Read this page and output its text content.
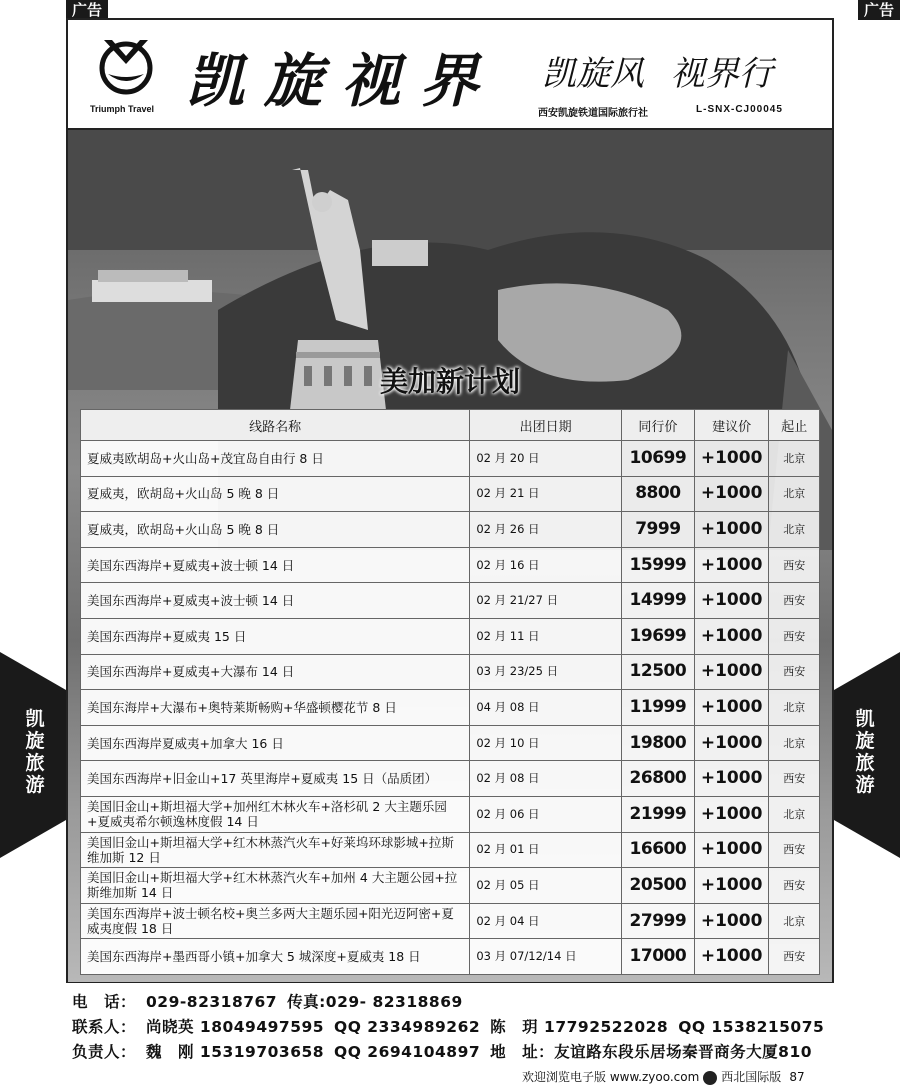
广告	广告
Triumph Travel 凯旋视界 凯旋风 视界行
西安凯旋铁道国际旅行社	L-SNX-CJ00045
美加新计划
线路名称	出团日期	同行价	建议价	起止
夏威夷欧胡岛+火山岛+茂宜岛自由行 8 日	02 月 20 日	10699	+1000	北京
夏威夷，欧胡岛+火山岛 5 晚 8 日	02 月 21 日	8800	+1000	北京
夏威夷，欧胡岛+火山岛 5 晚 8 日	02 月 26 日	7999	+1000	北京
美国东西海岸+夏威夷+波士顿 14 日	02 月 16 日	15999	+1000	西安
美国东西海岸+夏威夷+波士顿 14 日	02 月 21/27 日	14999	+1000	西安
美国东西海岸+夏威夷 15 日	02 月 11 日	19699	+1000	西安
美国东西海岸+夏威夷+大瀑布 14 日	03 月 23/25 日	12500	+1000	西安
美国东海岸+大瀑布+奥特莱斯畅购+华盛顿樱花节 8 日	04 月 08 日	11999	+1000	北京
美国东西海岸夏威夷+加拿大 16 日	02 月 10 日	19800	+1000	北京
美国东西海岸+旧金山+17 英里海岸+夏威夷 15 日（品质团）	02 月 08 日	26800	+1000	西安
美国旧金山+斯坦福大学+加州红木林火车+洛杉矶 2 大主题乐园+夏威夷希尔顿逸林度假 14 日	02 月 06 日	21999	+1000	北京
美国旧金山+斯坦福大学+红木林蒸汽火车+好莱坞环球影城+拉斯维加斯 12 日	02 月 01 日	16600	+1000	西安
美国旧金山+斯坦福大学+红木林蒸汽火车+加州 4 大主题公园+拉斯维加斯 14 日	02 月 05 日	20500	+1000	西安
美国东西海岸+波士顿名校+奥兰多两大主题乐园+阳光迈阿密+夏威夷度假 18 日	02 月 04 日	27999	+1000	北京
美国东西海岸+墨西哥小镇+加拿大 5 城深度+夏威夷 18 日	03 月 07/12/14 日	17000	+1000	西安
凯旋旅游
凯旋旅游
电　话： 029-82318767 传真:029- 82318869
联系人： 尚晓英 18049497595 QQ 2334989262 陈　玥 17792522028 QQ 1538215075
负责人： 魏　刚 15319703658 QQ 2694104897 地　址：友谊路东段乐居场秦晋商务大厦810
欢迎浏览电子版 www.zyoo.com 西北国际版 87
